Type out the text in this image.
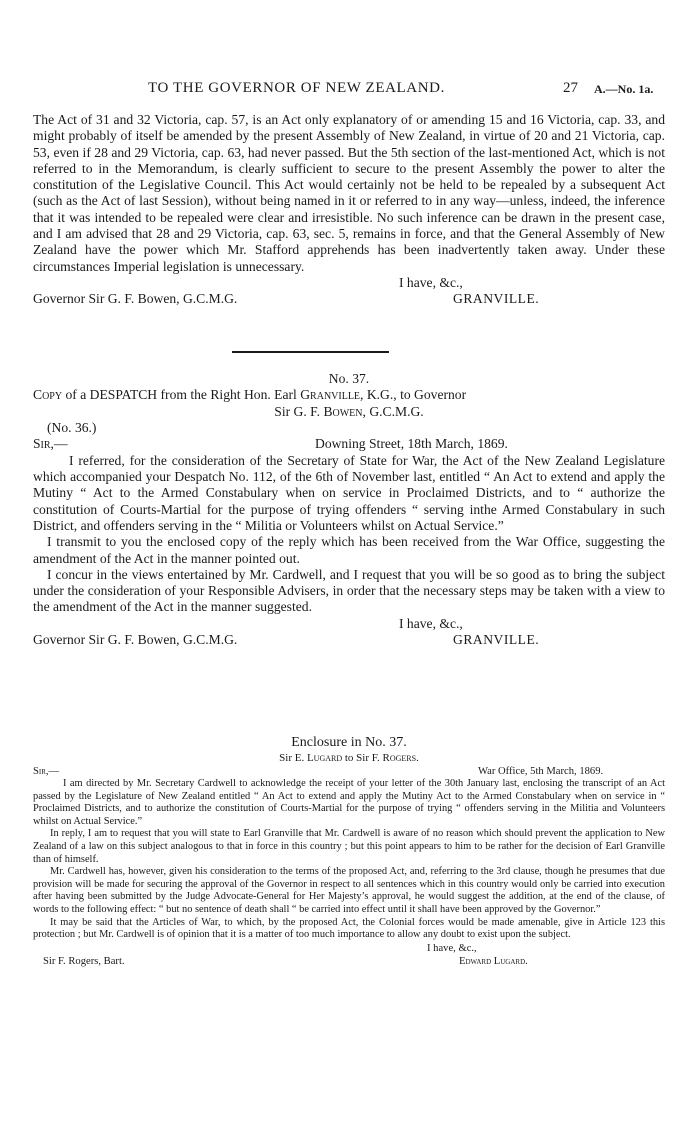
TO THE GOVERNOR OF NEW ZEALAND.	27 A.—No. 1a.

The Act of 31 and 32 Victoria, cap. 57, is an Act only explanatory of or amending 15 and 16 Victoria, cap. 33, and might probably of itself be amended by the present Assembly of New Zealand, in virtue of 20 and 21 Victoria, cap. 53, even if 28 and 29 Victoria, cap. 63, had never passed. But the 5th section of the last-mentioned Act, which is not referred to in the Memorandum, is clearly sufficient to secure to the present Assembly the power to alter the constitution of the Legislative Council. This Act would certainly not be held to be repealed by a subsequent Act (such as the Act of last Session), without being named in it or referred to in any way—unless, indeed, the inference that it was intended to be repealed were clear and irresistible. No such inference can be drawn in the present case, and I am advised that 28 and 29 Victoria, cap. 63, sec. 5, remains in force, and that the General Assembly of New Zealand have the power which Mr. Stafford apprehends has been inadvertently taken away. Under these circumstances Imperial legislation is unnecessary.

I have, &c.,
Governor Sir G. F. Bowen, G.C.M.G.	GRANVILLE.
No. 37.
Copy of a DESPATCH from the Right Hon. Earl Granville, K.G., to Governor
Sir G. F. Bowen, G.C.M.G.
(No. 36.)
Sir,—	Downing Street, 18th March, 1869.

I referred, for the consideration of the Secretary of State for War, the Act of the New Zealand Legislature which accompanied your Despatch No. 112, of the 6th of November last, entitled “ An Act to extend and apply the Mutiny “ Act to the Armed Constabulary when on service in Proclaimed Districts, and to “ authorize the constitution of Courts-Martial for the purpose of trying offenders “ serving inthe Armed Constabulary in such District, and offenders serving in the “ Militia or Volunteers whilst on Actual Service.”

I transmit to you the enclosed copy of the reply which has been received from the War Office, suggesting the amendment of the Act in the manner pointed out.

I concur in the views entertained by Mr. Cardwell, and I request that you will be so good as to bring the subject under the consideration of your Responsible Advisers, in order that the necessary steps may be taken with a view to the amendment of the Act in the manner suggested.

I have, &c.,
Governor Sir G. F. Bowen, G.C.M.G.	GRANVILLE.
Enclosure in No. 37.
Sir E. Lugard to Sir F. Rogers.
Sir,—	War Office, 5th March, 1869.

I am directed by Mr. Secretary Cardwell to acknowledge the receipt of your letter of the 30th January last, enclosing the transcript of an Act passed by the Legislature of New Zealand entitled “ An Act to extend and apply the Mutiny Act to the Armed Constabulary when on service in “ Proclaimed Districts, and to authorize the constitution of Courts-Martial for the purpose of trying “ offenders serving in the Militia and Volunteers whilst on Actual Service.”

In reply, I am to request that you will state to Earl Granville that Mr. Cardwell is aware of no reason which should prevent the application to New Zealand of a law on this subject analogous to that in force in this country ; but this point appears to him to be rather for the decision of Earl Granville than of himself.

Mr. Cardwell has, however, given his consideration to the terms of the proposed Act, and, referring to the 3rd clause, though he presumes that due provision will be made for securing the approval of the Governor in respect to all sentences which in this country would only be carried into execution after having been submitted by the Judge Advocate-General for Her Majesty’s approval, he would suggest the addition, at the end of the clause, of words to the following effect: “ but no sentence of death shall “ be carried into effect until it shall have been approved by the Governor.”

It may be said that the Articles of War, to which, by the proposed Act, the Colonial forces would be made amenable, give in Article 123 this protection ; but Mr. Cardwell is of opinion that it is a matter of too much importance to allow any doubt to exist upon the subject.

I have, &c.,
Sir F. Rogers, Bart.	Edward Lugard.
